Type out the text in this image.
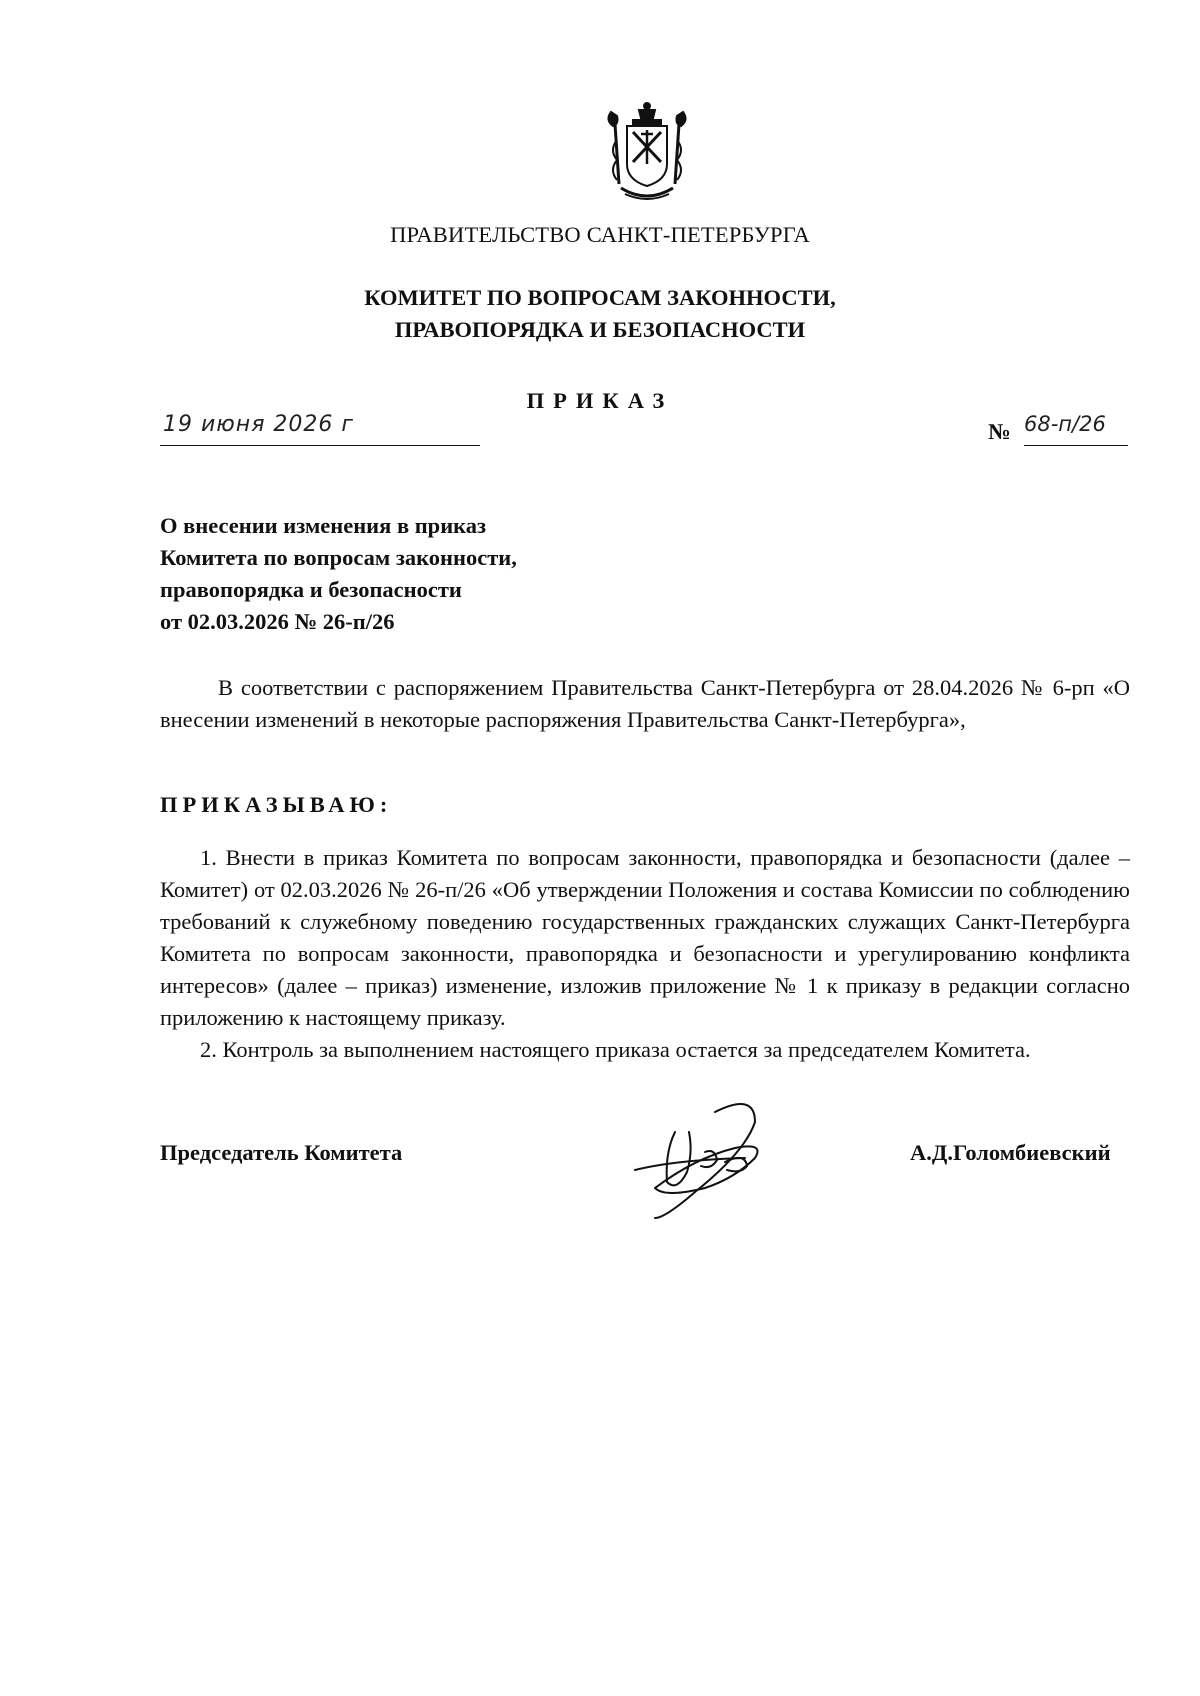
ПРАВИТЕЛЬСТВО САНКТ-ПЕТЕРБУРГА
КОМИТЕТ ПО ВОПРОСАМ ЗАКОННОСТИ,
ПРАВОПОРЯДКА И БЕЗОПАСНОСТИ
ПРИКАЗ
19 июня 2026 г	№ 68-п/26
О внесении изменения в приказ
Комитета по вопросам законности,
правопорядка и безопасности
от 02.03.2026 № 26-п/26
В соответствии с распоряжением Правительства Санкт-Петербурга от 28.04.2026 № 6-рп «О внесении изменений в некоторые распоряжения Правительства Санкт-Петербурга»,
ПРИКАЗЫВАЮ:
1. Внести в приказ Комитета по вопросам законности, правопорядка и безопасности (далее – Комитет) от 02.03.2026 № 26-п/26 «Об утверждении Положения и состава Комиссии по соблюдению требований к служебному поведению государственных гражданских служащих Санкт-Петербурга Комитета по вопросам законности, правопорядка и безопасности и урегулированию конфликта интересов» (далее – приказ) изменение, изложив приложение № 1 к приказу в редакции согласно приложению к настоящему приказу.
2. Контроль за выполнением настоящего приказа остается за председателем Комитета.
Председатель Комитета	А.Д.Голомбиевский
